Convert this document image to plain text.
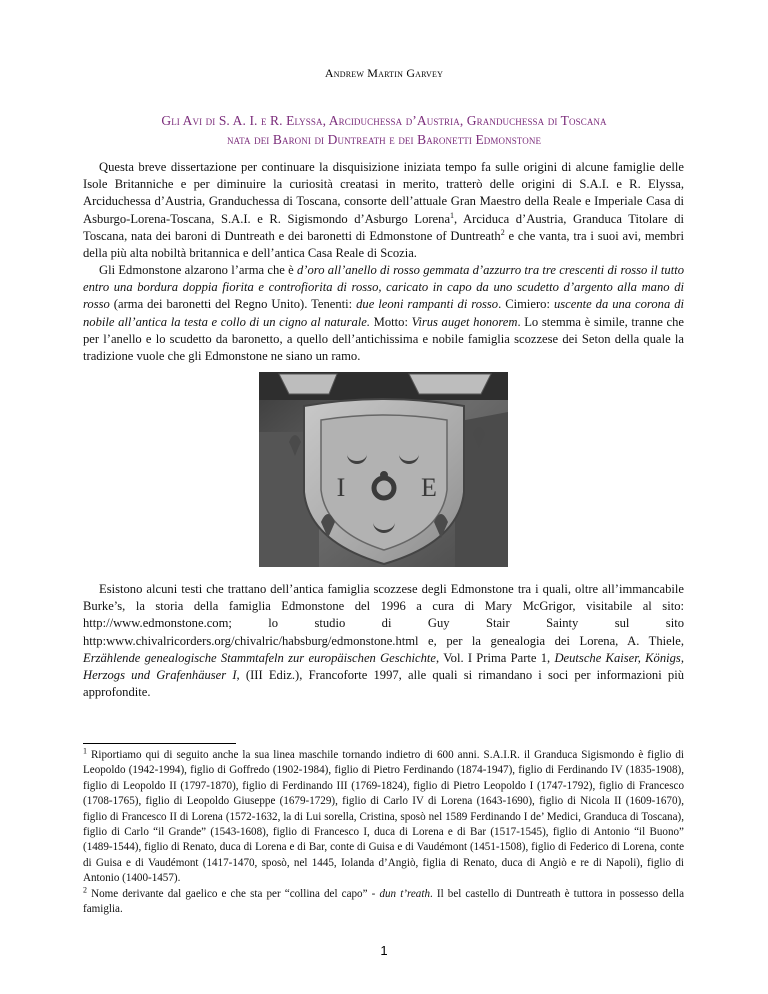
Andrew Martin Garvey
Gli Avi di S. A. I. e R. Elyssa, Arciduchessa d’Austria, Granduchessa di Toscana
nata dei Baroni di Duntreath e dei Baronetti Edmonstone

Questa breve dissertazione per continuare la disquisizione iniziata tempo fa sulle origini di alcune famiglie delle Isole Britanniche e per diminuire la curiosità creatasi in merito, tratterò delle origini di S.A.I. e R. Elyssa, Arciduchessa d’Austria, Granduchessa di Toscana, consorte dell’attuale Gran Maestro della Reale e Imperiale Casa di Asburgo-Lorena-Toscana, S.A.I. e R. Sigismondo d’Asburgo Lorena$^1$, Arciduca d’Austria, Granduca Titolare di Toscana, nata dei baroni di Duntreath e dei baronetti di Edmonstone of Duntreath$^2$ e che vanta, tra i suoi avi, membri della più alta nobiltà britannica e dell’antica Casa Reale di Scozia.

Gli Edmonstone alzarono l’arma che è d’oro all’anello di rosso gemmata d’azzurro tra tre crescenti di rosso il tutto entro una bordura doppia fiorita e controfiorita di rosso, caricato in capo da uno scudetto d’argento alla mano di rosso (arma dei baronetti del Regno Unito). Tenenti: due leoni rampanti di rosso. Cimiero: uscente da una corona di nobile all’antica la testa e collo di un cigno al naturale. Motto: Virus auget honorem. Lo stemma è simile, tranne che per l’anello e lo scudetto da baronetto, a quello dell’antichissima e nobile famiglia scozzese dei Seton della quale la tradizione vuole che gli Edmonstone ne siano un ramo.

I	E

Esistono alcuni testi che trattano dell’antica famiglia scozzese degli Edmonstone tra i quali, oltre all’immancabile Burke’s, la storia della famiglia Edmonstone del 1996 a cura di Mary McGrigor, visitabile al sito: http://www.edmonstone.com; lo studio di Guy Stair Sainty sul sito http:www.chivalricorders.org/chivalric/habsburg/edmonstone.html e, per la genealogia dei Lorena, A. Thiele, Erzählende genealogische Stammtafeln zur europäischen Geschichte, Vol. I Prima Parte 1, Deutsche Kaiser, Königs, Herzogs und Grafenhäuser I, (III Ediz.), Francoforte 1997, alle quali si rimandano i soci per informazioni più approfondite.

$^1$ Riportiamo qui di seguito anche la sua linea maschile tornando indietro di 600 anni. S.A.I.R. il Granduca Sigismondo è figlio di Leopoldo (1942-1994), figlio di Goffredo (1902-1984), figlio di Pietro Ferdinando (1874-1947), figlio di Ferdinando IV (1835-1908), figlio di Leopoldo II (1797-1870), figlio di Ferdinando III (1769-1824), figlio di Pietro Leopoldo I (1747-1792), figlio di Francesco (1708-1765), figlio di Leopoldo Giuseppe (1679-1729), figlio di Carlo IV di Lorena (1643-1690), figlio di Nicola II (1609-1670), figlio di Francesco II di Lorena (1572-1632, la di Lui sorella, Cristina, sposò nel 1589 Ferdinando I de’ Medici, Granduca di Toscana), figlio di Carlo “il Grande” (1543-1608), figlio di Francesco I, duca di Lorena e di Bar (1517-1545), figlio di Antonio “il Buono” (1489-1544), figlio di Renato, duca di Lorena e di Bar, conte di Guisa e di Vaudémont (1451-1508), figlio di Federico di Lorena, conte di Guisa e di Vaudémont (1417-1470, sposò, nel 1445, Iolanda d’Angiò, figlia di Renato, duca di Angiò e re di Napoli), figlio di Antonio (1400-1457).

$^2$ Nome derivante dal gaelico e che sta per “collina del capo” - dun t’reath. Il bel castello di Duntreath è tuttora in possesso della famiglia.

1
